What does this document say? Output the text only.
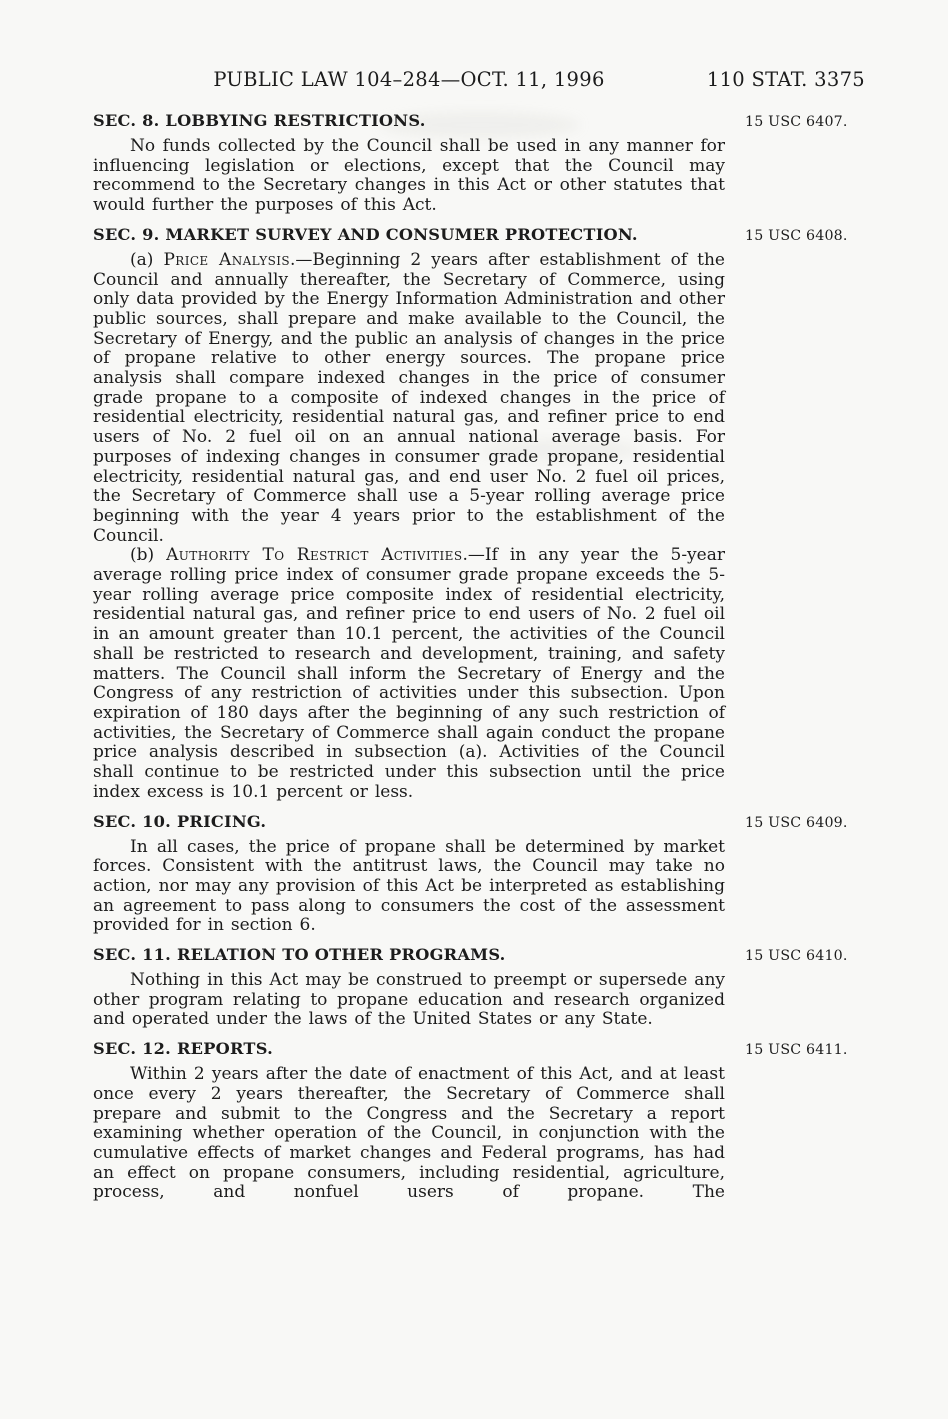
PUBLIC LAW 104–284—OCT. 11, 1996	110 STAT. 3375
SEC. 8. LOBBYING RESTRICTIONS.	15 USC 6407.

No funds collected by the Council shall be used in any manner for influencing legislation or elections, except that the Council may recommend to the Secretary changes in this Act or other statutes that would further the purposes of this Act.

SEC. 9. MARKET SURVEY AND CONSUMER PROTECTION.	15 USC 6408.

(a) Price Analysis.—Beginning 2 years after establishment of the Council and annually thereafter, the Secretary of Commerce, using only data provided by the Energy Information Administration and other public sources, shall prepare and make available to the Council, the Secretary of Energy, and the public an analysis of changes in the price of propane relative to other energy sources. The propane price analysis shall compare indexed changes in the price of consumer grade propane to a composite of indexed changes in the price of residential electricity, residential natural gas, and refiner price to end users of No. 2 fuel oil on an annual national average basis. For purposes of indexing changes in consumer grade propane, residential electricity, residential natural gas, and end user No. 2 fuel oil prices, the Secretary of Commerce shall use a 5-year rolling average price beginning with the year 4 years prior to the establishment of the Council.

(b) Authority To Restrict Activities.—If in any year the 5-year average rolling price index of consumer grade propane exceeds the 5-year rolling average price composite index of residential electricity, residential natural gas, and refiner price to end users of No. 2 fuel oil in an amount greater than 10.1 percent, the activities of the Council shall be restricted to research and development, training, and safety matters. The Council shall inform the Secretary of Energy and the Congress of any restriction of activities under this subsection. Upon expiration of 180 days after the beginning of any such restriction of activities, the Secretary of Commerce shall again conduct the propane price analysis described in subsection (a). Activities of the Council shall continue to be restricted under this subsection until the price index excess is 10.1 percent or less.

SEC. 10. PRICING.	15 USC 6409.

In all cases, the price of propane shall be determined by market forces. Consistent with the antitrust laws, the Council may take no action, nor may any provision of this Act be interpreted as establishing an agreement to pass along to consumers the cost of the assessment provided for in section 6.

SEC. 11. RELATION TO OTHER PROGRAMS.	15 USC 6410.

Nothing in this Act may be construed to preempt or supersede any other program relating to propane education and research organized and operated under the laws of the United States or any State.

SEC. 12. REPORTS.	15 USC 6411.

Within 2 years after the date of enactment of this Act, and at least once every 2 years thereafter, the Secretary of Commerce shall prepare and submit to the Congress and the Secretary a report examining whether operation of the Council, in conjunction with the cumulative effects of market changes and Federal programs, has had an effect on propane consumers, including residential, agriculture, process, and nonfuel users of propane. The
